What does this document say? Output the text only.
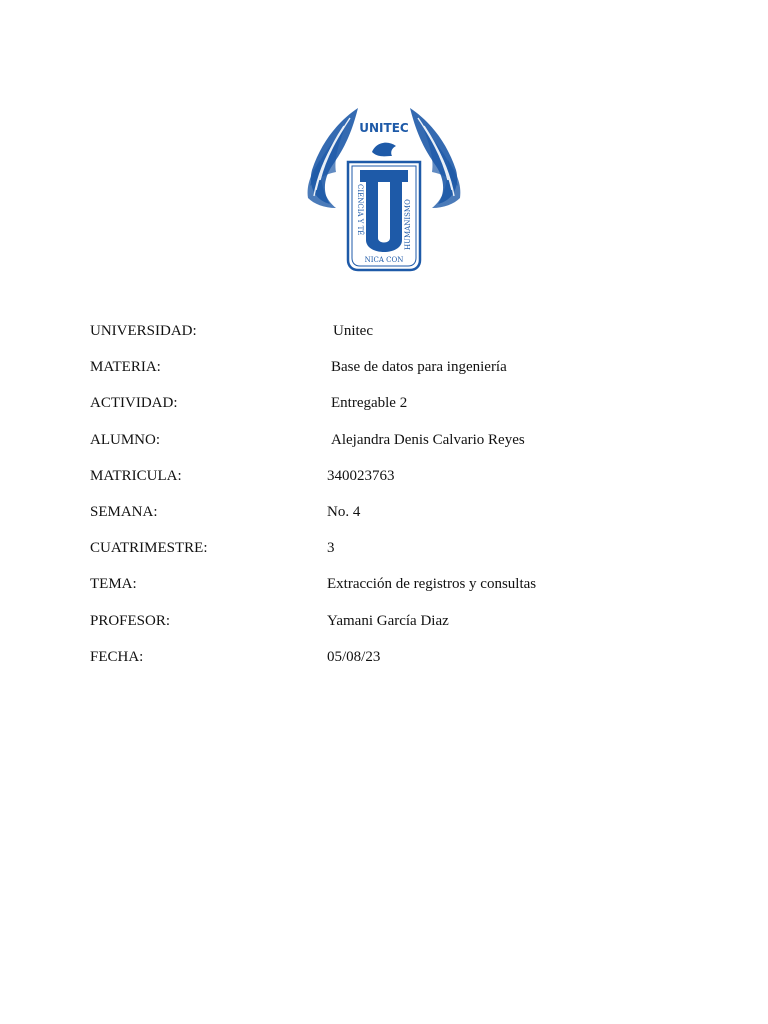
UNITEC
CIENCIA Y TÉ	HUMANISMO
NICA CON
UNIVERSIDAD:	Unitec
MATERIA:	Base de datos para ingeniería
ACTIVIDAD:	Entregable 2
ALUMNO:	Alejandra Denis Calvario Reyes
MATRICULA:	340023763
SEMANA:	No. 4
CUATRIMESTRE:	3
TEMA:	Extracción de registros y consultas
PROFESOR:	Yamani García Diaz
FECHA:	05/08/23
